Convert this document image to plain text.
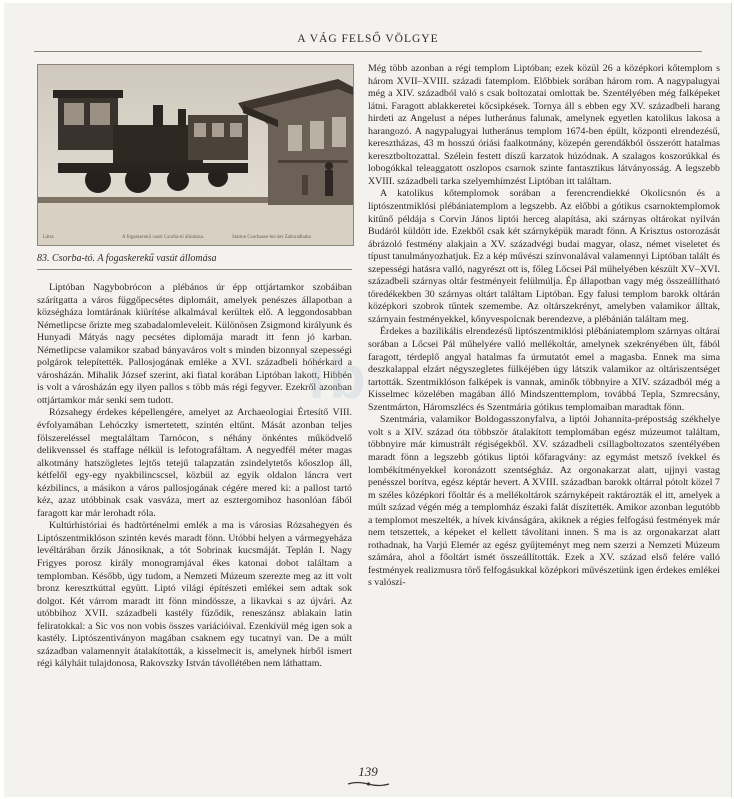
A VÁG FELSŐ VÖLGYE
Látra	A fogaskerekű vasút Csorba-tó állomása.	Station Csorbasee-bei der Zahnradbahn
83. Csorba-tó. A fogaskerekű vasút állomása

Liptóban Nagybobrócon a plébános úr épp ottjártamkor szobáiban szárítgatta a város függőpecsétes diplomáit, amelyek penészes állapotban a községháza lomtárának kiürítése alkalmával kerültek elő. A leggondosabban Németlipcse őrizte meg szabadalomleveleit. Különösen Zsigmond királyunk és Hunyadi Mátyás nagy pecsétes diplomája maradt itt fenn jó karban. Németlipcse valamikor szabad bányaváros volt s minden bizonnyal szepességi polgárok telepítették. Pallosjogának emléke a XVI. századbeli hóhérkard a városházán. Mihalik József szerint, aki fiatal korában Liptóban lakott, Hibbén is volt a városházán egy ilyen pallos s több más régi fegyver. Ezekről azonban ottjártamkor már senki sem tudott.

Rózsahegy érdekes képellengére, amelyet az Archaeologiai Értesítő VIII. évfolyamában Lehóczky ismertetett, szintén eltűnt. Mását azonban teljes fölszereléssel megtaláltam Tarnócon, s néhány önkéntes működvelő delikvenssel és staffage nélkül is lefotografáltam. A negyedfél méter magas alkotmány hatszögletes lejtős tetejű talapzatán zsindelytetős kőoszlop áll, kétfelől egy-egy nyakbilincscsel, közbül az egyik oldalon láncra vert kézbilincs, a másikon a város pallosjogának cégére mered ki: a pallost tartó kéz, azaz utóbbinak csak vasváza, mert az esztergomihoz hasonlóan fából faragott kar már lerohadt róla.

Kultúrhistóriai és hadtörténelmi emlék a ma is városias Rózsahegyen és Liptószentmiklóson szintén kevés maradt fönn. Utóbbi helyen a vármegyeháza levéltárában őrzik Jánosiknak, a tót Sobrinak kucsmáját. Teplán I. Nagy Frigyes porosz király monogramjával ékes katonai dobot találtam a templomban. Később, úgy tudom, a Nemzeti Múzeum szerezte meg az itt volt bronz keresztkúttal együtt. Liptó világi építészeti emlékei sem adtak sok dolgot. Két várrom maradt itt fönn mindössze, a likavkai s az újvári. Az utóbbihoz XVII. századbeli kastély fűződik, reneszánsz ablakain latin feliratokkal: a Sic vos non vobis összes variációival. Ezenkívül még igen sok a kastély. Liptószentiványon magában csaknem egy tucatnyi van. De a múlt században valamennyit átalakították, a kisselmecit is, amelynek hírből ismert régi kályháit tulajdonosa, Rakovszky István távollétében nem láthattam.

Még több azonban a régi templom Liptóban; ezek közül 26 a középkori kőtemplom s három XVII–XVIII. századi fatemplom. Előbbiek sorában három rom. A nagypalugyai még a XIV. századból való s csak boltozatai omlottak be. Szentélyében még falképeket látni. Faragott ablakkeretei kőcsipkések. Tornya áll s ebben egy XV. századbeli harang hirdeti az Angelust a népes lutheránus falunak, amelynek egyetlen katolikus lakosa a harangozó. A nagypalugyai lutheránus templom 1674-ben épült, központi elrendezésű, keresztházas, 43 m hosszú óriási faalkotmány, közepén gerendákból összerótt hatalmas keresztboltozattal. Szélein festett díszű karzatok húzódnak. A szalagos koszorúkkal és lobogókkal teleaggatott oszlopos csarnok szinte fantasztikus látványosság. A legszebb XVIII. századbeli tarka szelyemhímzést Liptóban itt találtam.

A katolikus kőtemplomok sorában a ferencrendiekké Okolicsnón és a liptószentmiklósi plébániatemplom a legszebb. Az előbbi a gótikus csarnoktemplomok kitűnő példája s Corvin János liptói herceg alapítása, aki szárnyas oltárokat nyilván Budáról küldött ide. Ezekből csak két szárnyképük maradt fönn. A Krisztus ostorozását ábrázoló festmény alakjain a XV. századvégi budai magyar, olasz, német viseletet és típust tanulmányozhatjuk. Ez a kép művészi színvonalával valamennyi Liptóban talált és szepességi hatásra valló, nagyrészt ott is, főleg Lőcsei Pál műhelyében készült XV–XVI. századbeli szárnyas oltár festményeit felülmúlja. Ép állapotban vagy még összeállítható töredékekben 30 szárnyas oltárt találtam Liptóban. Egy falusi templom barokk oltárán középkori szobrok tűntek szemembe. Az oltárszekrényt, amelyben valamikor álltak, szárnyain festményekkel, kőnyvespolcnak berendezve, a plébánián találtam meg.

Érdekes a bazilikális elrendezésű liptószentmiklósi plébániatemplom szárnyas oltárai sorában a Lőcsei Pál műhelyére valló mellékoltár, amelynek szekrényében ült, fából faragott, térdeplő angyal hatalmas fa úrmutatót emel a magasba. Ennek ma sima deszkalappal elzárt négyszegletes fülkéjében úgy látszik valamikor az oltáriszentséget tartották. Szentmiklóson falképek is vannak, aminők többnyire a XIV. századból még a Kisselmec közelében magában álló Mindszenttemplom, továbbá Tepla, Szmrecsány, Szentmárton, Háromszlécs és Szentmária gótikus templomaiban maradtak fönn.

Szentmária, valamikor Boldogasszonyfalva, a liptói Johannita-prépostság székhelye volt s a XIV. század óta többször átalakított templomában egész múzeumot találtam, többnyire már kimustrált régiségekből. XV. századbeli csillagboltozatos szentélyében maradt fönn a legszebb gótikus liptói kőfaragvány: az egymást metsző ívekkel és lombékítményekkel koronázott szentségház. Az orgonakarzat alatt, ujjnyi vastag penésszel borítva, egész képtár hevert. A XVIII. században barokk oltárral pótolt közel 7 m széles középkori főoltár és a mellékoltárok szárnyképeit raktározták el itt, amelyek a múlt század végén még a templomház északi falát díszítették. Amikor azonban legutóbb a templomot meszelték, a hívek kívánságára, akiknek a régies felfogású festmények már nem tetszettek, a képeket el kellett távolítani innen. S ma is az orgonakarzat alatt rothadnak, ha Varjú Elemér az egész gyűjteményt meg nem szerzi a Nemzeti Múzeum számára, ahol a főoltárt ismét összeállították. Ezek a XV. század első felére valló festmények realizmusra törő felfogásukkal középkori művészetünk igen érdekes emlékei s valószí-

ib
139
